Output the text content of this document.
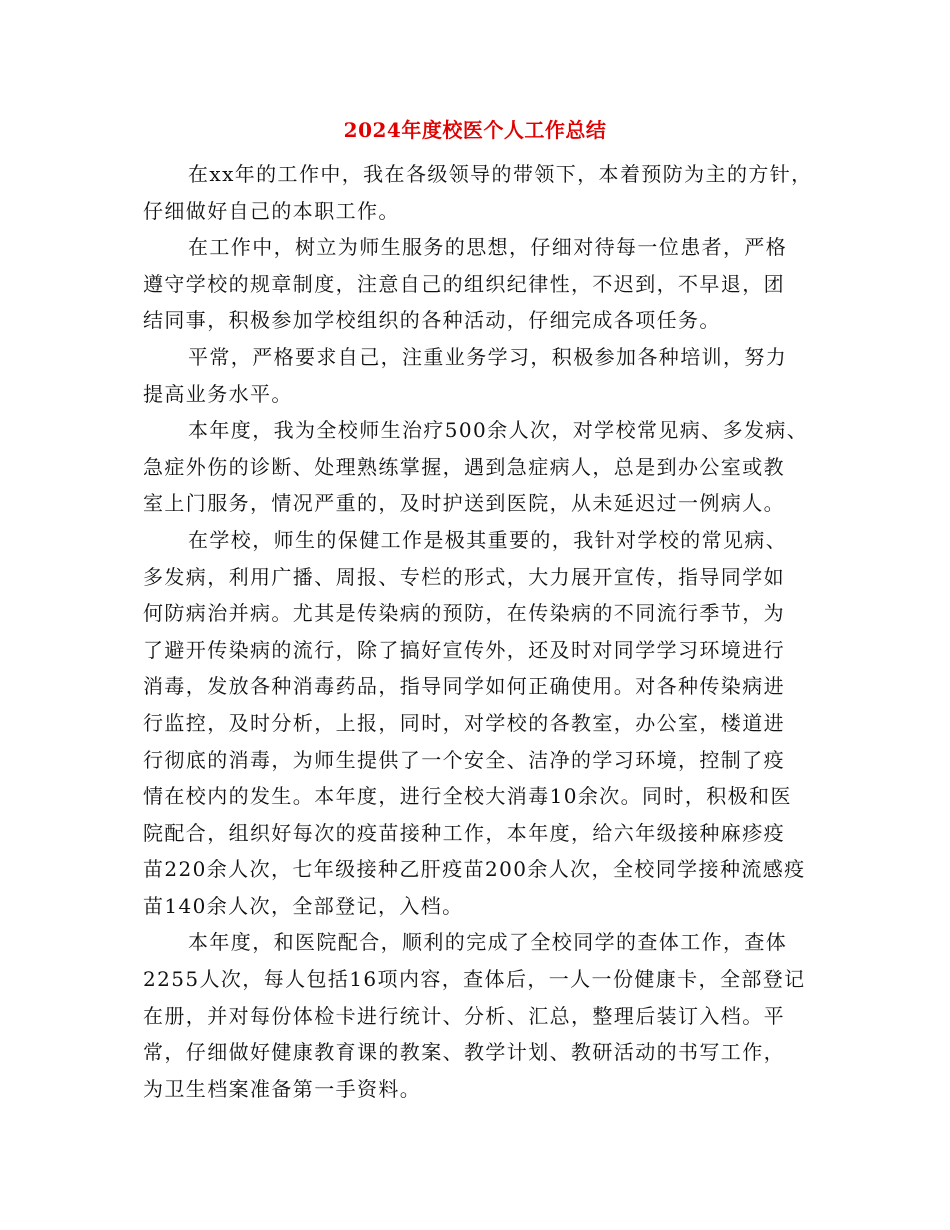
2024年度校医个人工作总结
在xx年的工作中，我在各级领导的带领下，本着预防为主的方针，
仔细做好自己的本职工作。
在工作中，树立为师生服务的思想，仔细对待每一位患者，严格
遵守学校的规章制度，注意自己的组织纪律性，不迟到，不早退，团
结同事，积极参加学校组织的各种活动，仔细完成各项任务。
平常，严格要求自己，注重业务学习，积极参加各种培训，努力
提高业务水平。
本年度，我为全校师生治疗500余人次，对学校常见病、多发病、
急症外伤的诊断、处理熟练掌握，遇到急症病人，总是到办公室或教
室上门服务，情况严重的，及时护送到医院，从未延迟过一例病人。
在学校，师生的保健工作是极其重要的，我针对学校的常见病、
多发病，利用广播、周报、专栏的形式，大力展开宣传，指导同学如
何防病治并病。尤其是传染病的预防，在传染病的不同流行季节，为
了避开传染病的流行，除了搞好宣传外，还及时对同学学习环境进行
消毒，发放各种消毒药品，指导同学如何正确使用。对各种传染病进
行监控，及时分析，上报，同时，对学校的各教室，办公室，楼道进
行彻底的消毒，为师生提供了一个安全、洁净的学习环境，控制了疫
情在校内的发生。本年度，进行全校大消毒10余次。同时，积极和医
院配合，组织好每次的疫苗接种工作，本年度，给六年级接种麻疹疫
苗220余人次，七年级接种乙肝疫苗200余人次，全校同学接种流感疫
苗140余人次，全部登记，入档。
本年度，和医院配合，顺利的完成了全校同学的查体工作，查体
2255人次，每人包括16项内容，查体后，一人一份健康卡，全部登记
在册，并对每份体检卡进行统计、分析、汇总，整理后装订入档。平
常，仔细做好健康教育课的教案、教学计划、教研活动的书写工作，
为卫生档案准备第一手资料。
